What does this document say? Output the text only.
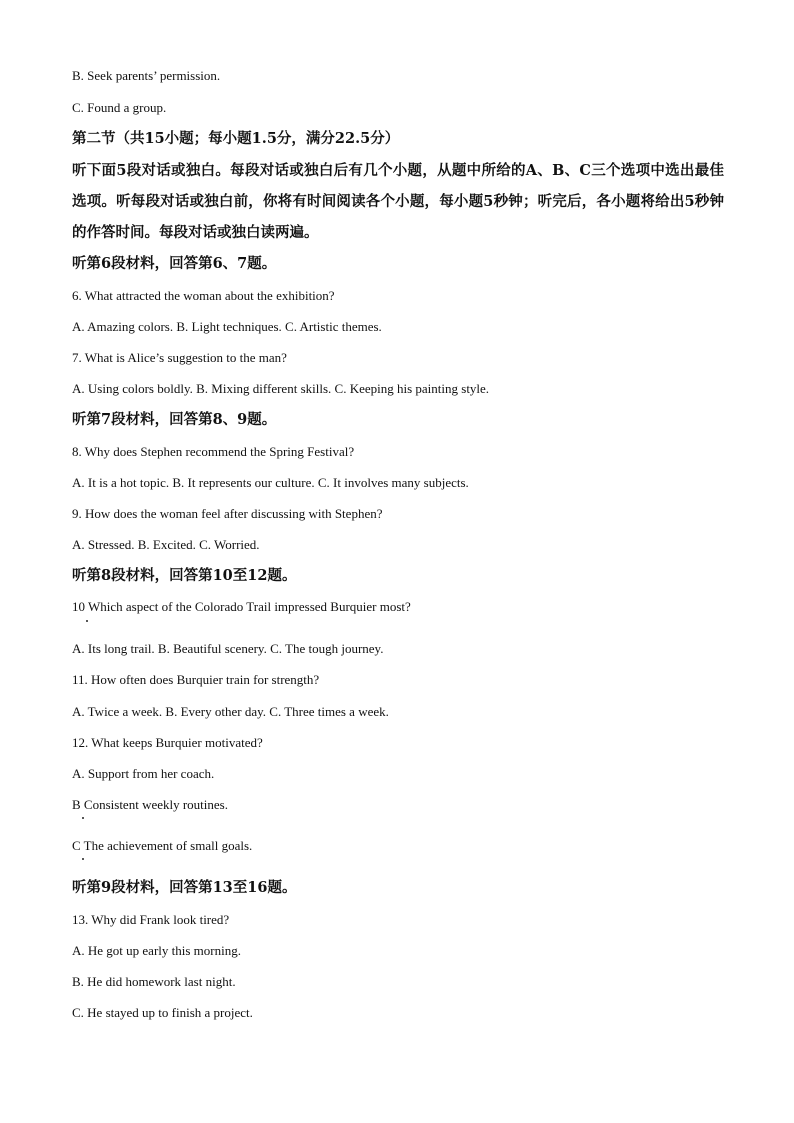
B. Seek parents’ permission.
C. Found a group.
第二节（共15小题；每小题1.5分，满分22.5分）
听下面5段对话或独白。每段对话或独白后有几个小题，从题中所给的A、B、C三个选项中选出最佳选项。听每段对话或独白前，你将有时间阅读各个小题，每小题5秒钟；听完后，各小题将给出5秒钟的作答时间。每段对话或独白读两遍。
听第6段材料，回答第6、7题。
6. What attracted the woman about the exhibition?
A. Amazing colors. B. Light techniques. C. Artistic themes.
7. What is Alice’s suggestion to the man?
A. Using colors boldly. B. Mixing different skills. C. Keeping his painting style.
听第7段材料，回答第8、9题。
8. Why does Stephen recommend the Spring Festival?
A. It is a hot topic. B. It represents our culture. C. It involves many subjects.
9. How does the woman feel after discussing with Stephen?
A. Stressed. B. Excited. C. Worried.
听第8段材料，回答第10至12题。
10 Which aspect of the Colorado Trail impressed Burquier most?
A. Its long trail. B. Beautiful scenery. C. The tough journey.
11. How often does Burquier train for strength?
A. Twice a week. B. Every other day. C. Three times a week.
12. What keeps Burquier motivated?
A. Support from her coach.
B Consistent weekly routines.
C The achievement of small goals.
听第9段材料，回答第13至16题。
13. Why did Frank look tired?
A. He got up early this morning.
B. He did homework last night.
C. He stayed up to finish a project.
